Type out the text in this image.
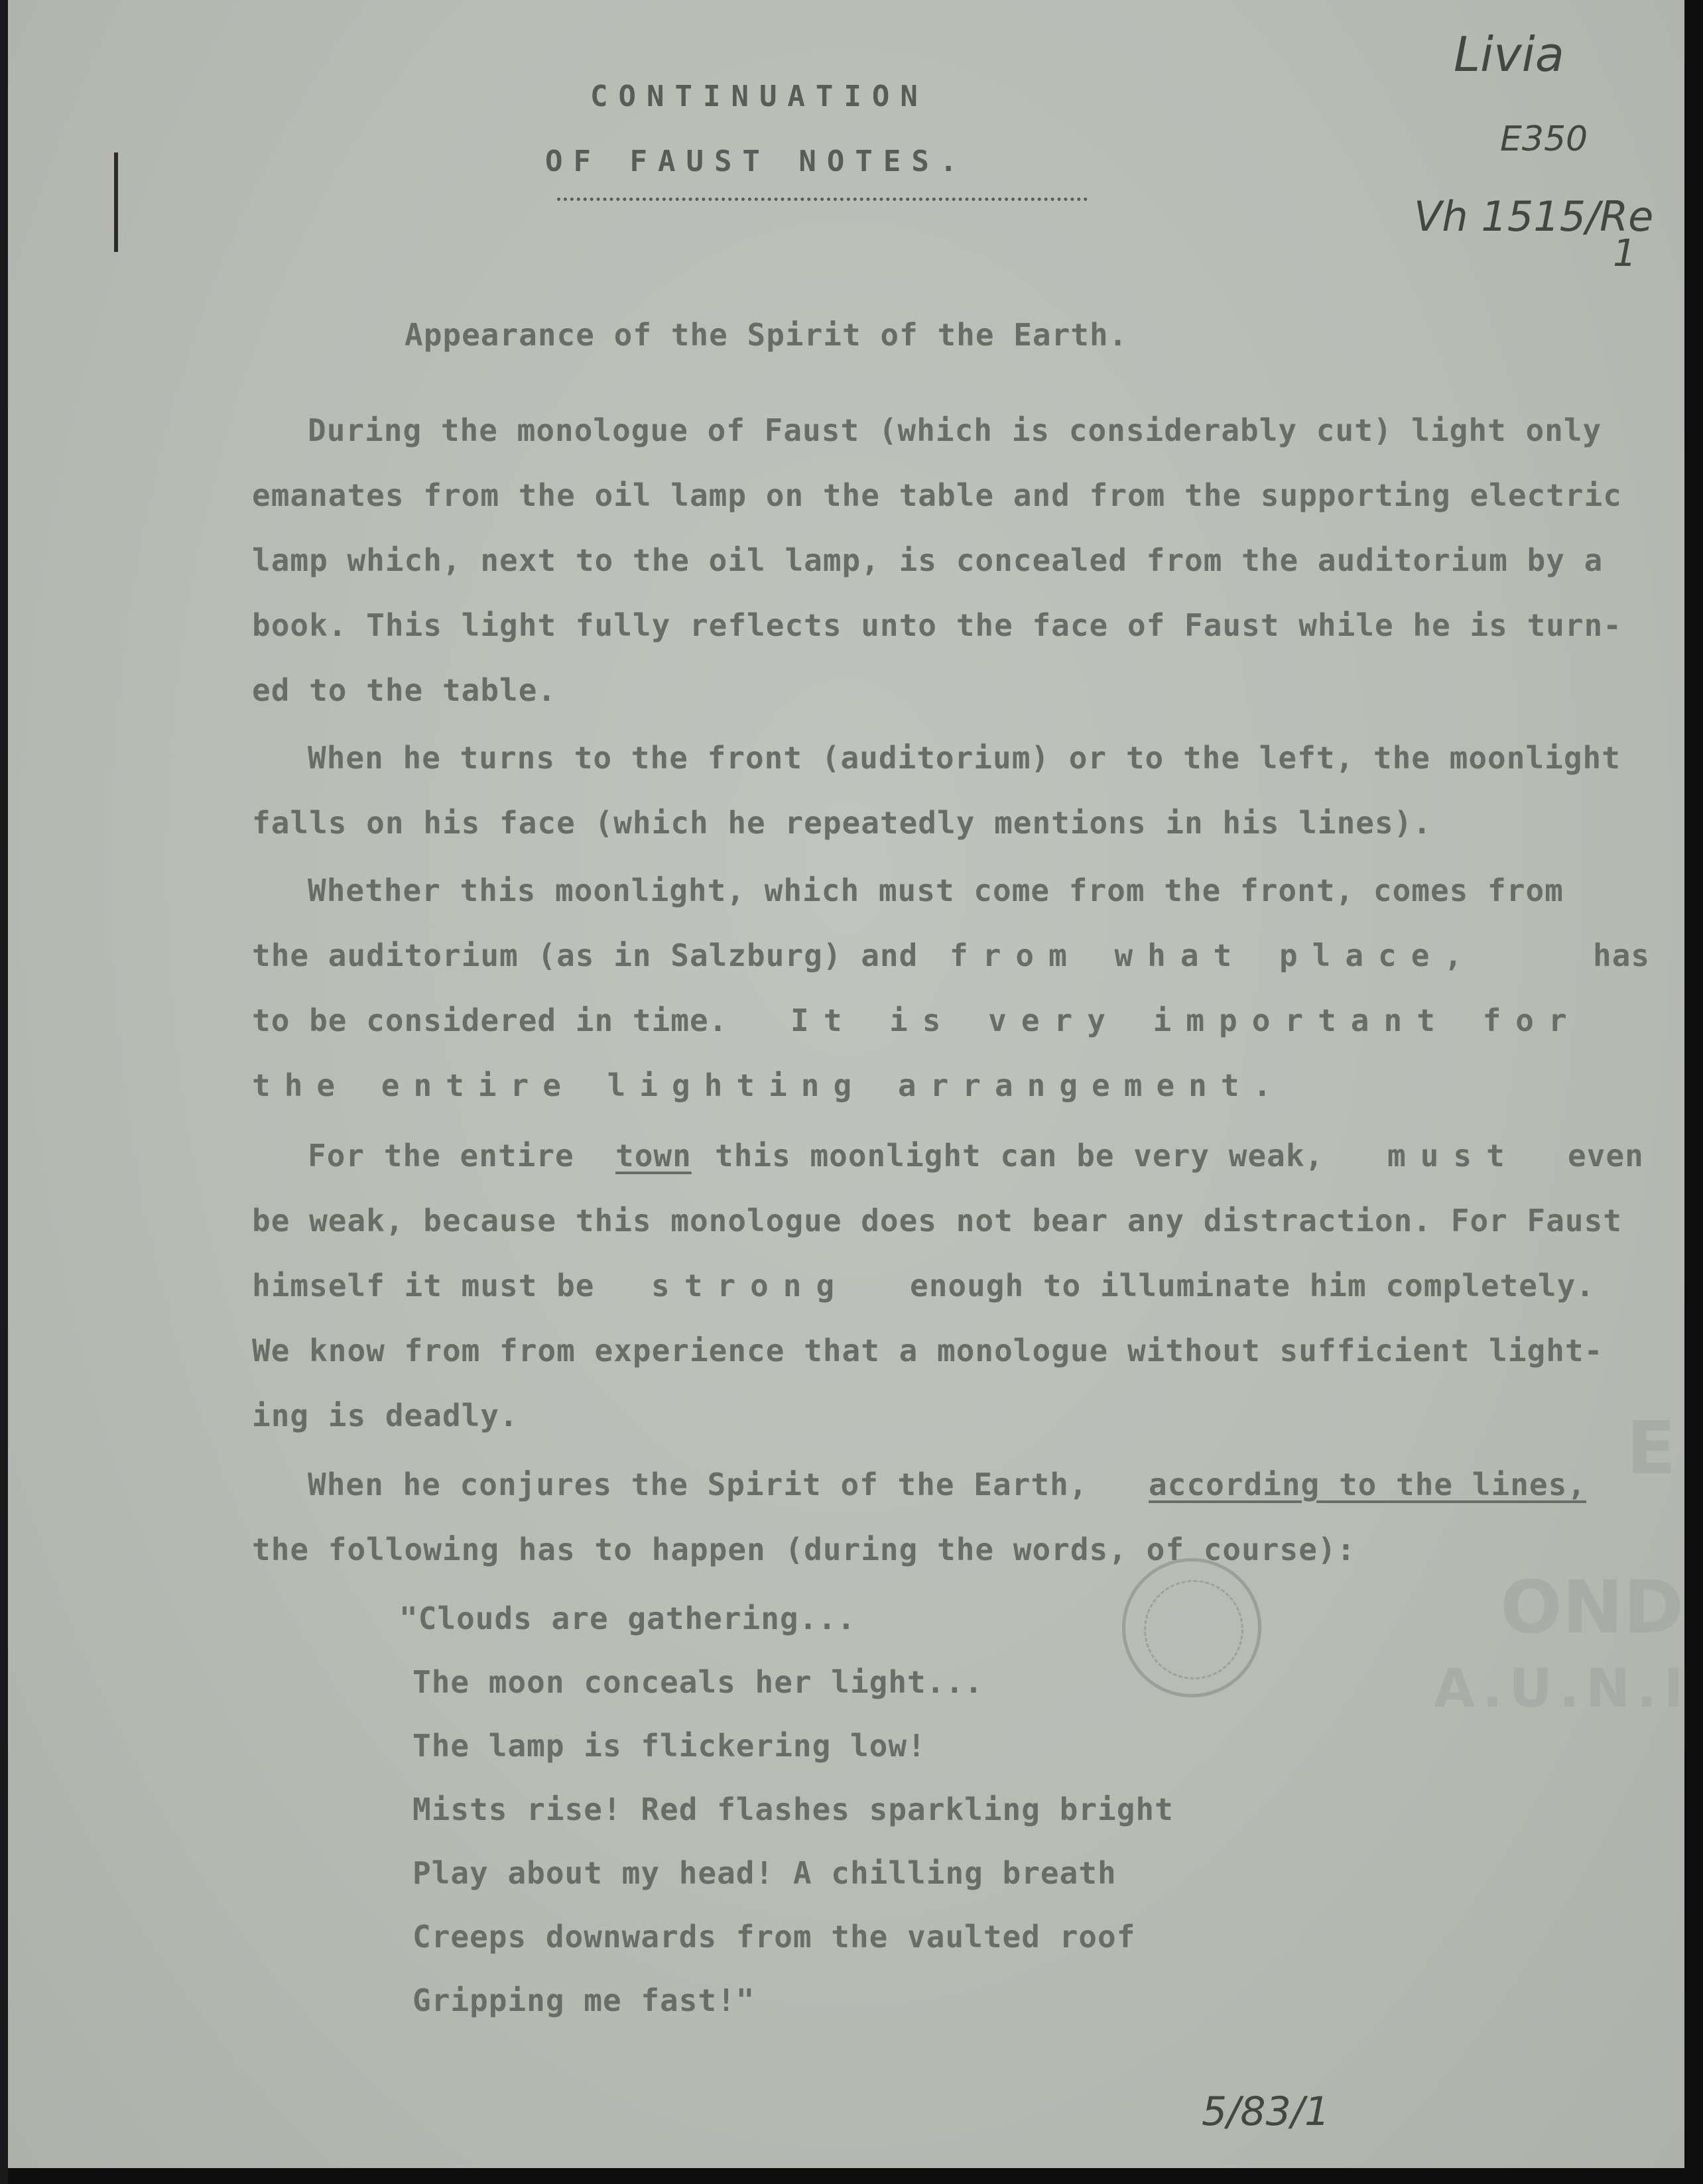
E
OND
A.U.N.I
CONTINUATION
OF FAUST NOTES.
Livia
E350
Vh 1515/Re
1
Appearance of the Spirit of the Earth.
During the monologue of Faust (which is considerably cut) light only
emanates from the oil lamp on the table and from the supporting electric
lamp which, next to the oil lamp, is concealed from the auditorium by a
book. This light fully reflects unto the face of Faust while he is turn-
ed to the table.
When he turns to the front (auditorium) or to the left, the moonlight
falls on his face (which he repeatedly mentions in his lines).
Whether this moonlight, which must come from the front, comes from
the auditorium (as in Salzburg) and from what place,	has
to be considered in time. It is very important for
the entire lighting arrangement.
For the entire town this moonlight can be very weak, must even
be weak, because this monologue does not bear any distraction. For Faust
himself it must be strong enough to illuminate him completely.
We know from from experience that a monologue without sufficient light-
ing is deadly.
When he conjures the Spirit of the Earth, according to the lines,
the following has to happen (during the words, of course):
"Clouds are gathering...
The moon conceals her light...
The lamp is flickering low!
Mists rise! Red flashes sparkling bright
Play about my head! A chilling breath
Creeps downwards from the vaulted roof
Gripping me fast!"
5/83/1
